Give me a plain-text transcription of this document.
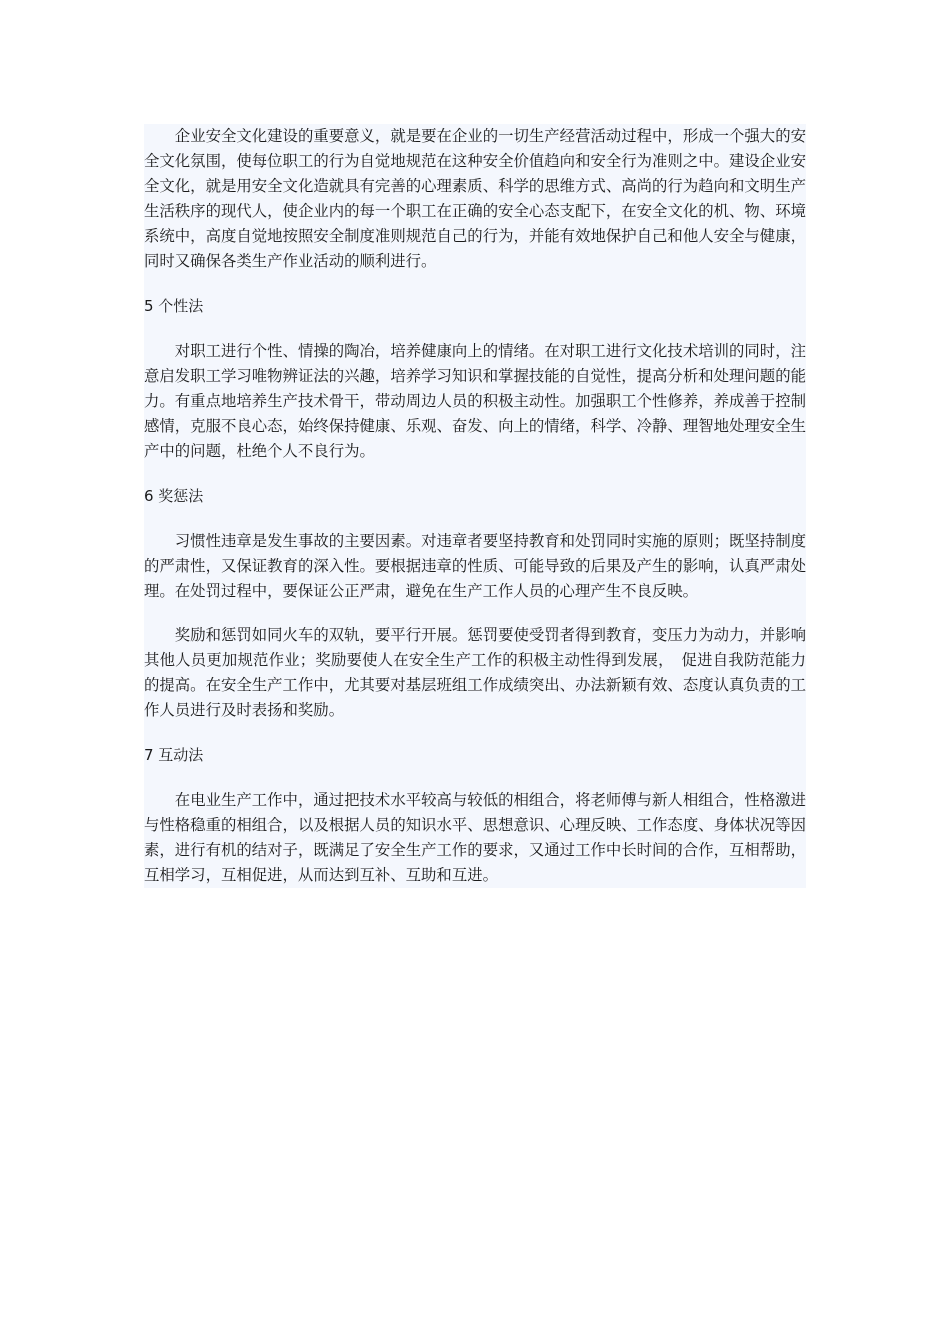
企业安全文化建设的重要意义，就是要在企业的一切生产经营活动过程中，形成一个强大的安全文化氛围，使每位职工的行为自觉地规范在这种安全价值趋向和安全行为准则之中。建设企业安全文化，就是用安全文化造就具有完善的心理素质、科学的思维方式、高尚的行为趋向和文明生产生活秩序的现代人，使企业内的每一个职工在正确的安全心态支配下，在安全文化的机、物、环境系统中，高度自觉地按照安全制度准则规范自己的行为，并能有效地保护自己和他人安全与健康，同时又确保各类生产作业活动的顺利进行。

5 个性法

对职工进行个性、情操的陶冶，培养健康向上的情绪。在对职工进行文化技术培训的同时，注意启发职工学习唯物辨证法的兴趣，培养学习知识和掌握技能的自觉性，提高分析和处理问题的能力。有重点地培养生产技术骨干，带动周边人员的积极主动性。加强职工个性修养，养成善于控制感情，克服不良心态，始终保持健康、乐观、奋发、向上的情绪，科学、冷静、理智地处理安全生产中的问题，杜绝个人不良行为。

6 奖惩法

习惯性违章是发生事故的主要因素。对违章者要坚持教育和处罚同时实施的原则；既坚持制度的严肃性，又保证教育的深入性。要根据违章的性质、可能导致的后果及产生的影响，认真严肃处理。在处罚过程中，要保证公正严肃，避免在生产工作人员的心理产生不良反映。

奖励和惩罚如同火车的双轨，要平行开展。惩罚要使受罚者得到教育，变压力为动力，并影响其他人员更加规范作业；奖励要使人在安全生产工作的积极主动性得到发展，　促进自我防范能力的提高。在安全生产工作中，尤其要对基层班组工作成绩突出、办法新颖有效、态度认真负责的工作人员进行及时表扬和奖励。

7 互动法

在电业生产工作中，通过把技术水平较高与较低的相组合，将老师傅与新人相组合，性格激进与性格稳重的相组合，以及根据人员的知识水平、思想意识、心理反映、工作态度、身体状况等因素，进行有机的结对子，既满足了安全生产工作的要求，又通过工作中长时间的合作，互相帮助，互相学习，互相促进，从而达到互补、互助和互进。
